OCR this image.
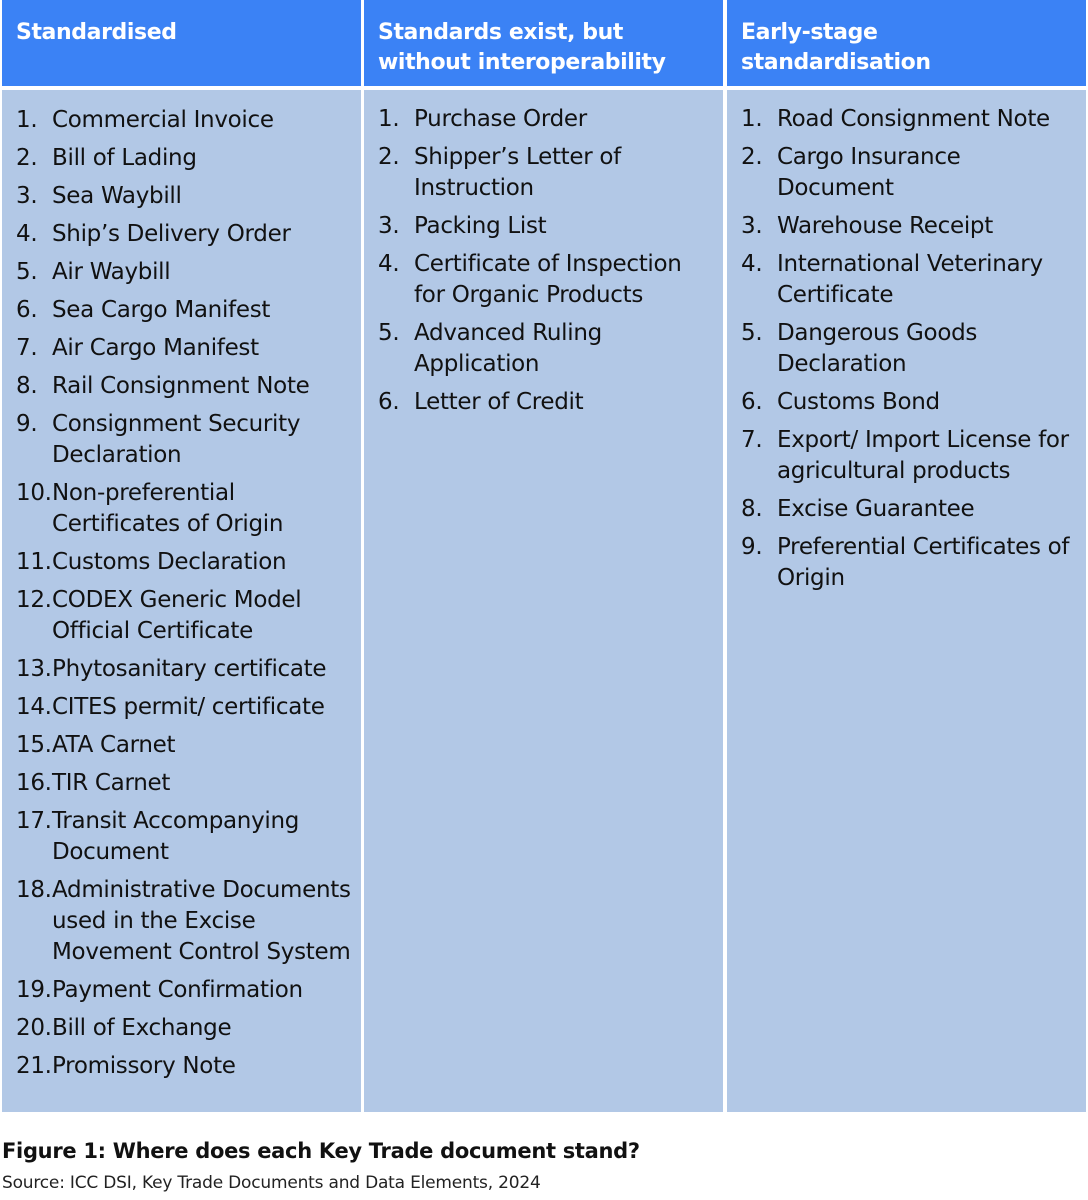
Standardised
1. Commercial Invoice
2. Bill of Lading
3. Sea Waybill
4. Ship’s Delivery Order
5. Air Waybill
6. Sea Cargo Manifest
7. Air Cargo Manifest
8. Rail Consignment Note
9. Consignment Security Declaration
10. Non-preferential Certificates of Origin
11. Customs Declaration
12. CODEX Generic Model Official Certificate
13. Phytosanitary certificate
14. CITES permit/ certificate
15. ATA Carnet
16. TIR Carnet
17. Transit Accompanying Document
18. Administrative Documents used in the Excise Movement Control System
19. Payment Confirmation
20. Bill of Exchange
21. Promissory Note
Standards exist, but without interoperability
1. Purchase Order
2. Shipper’s Letter of Instruction
3. Packing List
4. Certificate of Inspection for Organic Products
5. Advanced Ruling Application
6. Letter of Credit
Early-stage standardisation
1. Road Consignment Note
2. Cargo Insurance Document
3. Warehouse Receipt
4. International Veterinary Certificate
5. Dangerous Goods Declaration
6. Customs Bond
7. Export/ Import License for agricultural products
8. Excise Guarantee
9. Preferential Certificates of Origin
Figure 1: Where does each Key Trade document stand?
Source: ICC DSI, Key Trade Documents and Data Elements, 2024
